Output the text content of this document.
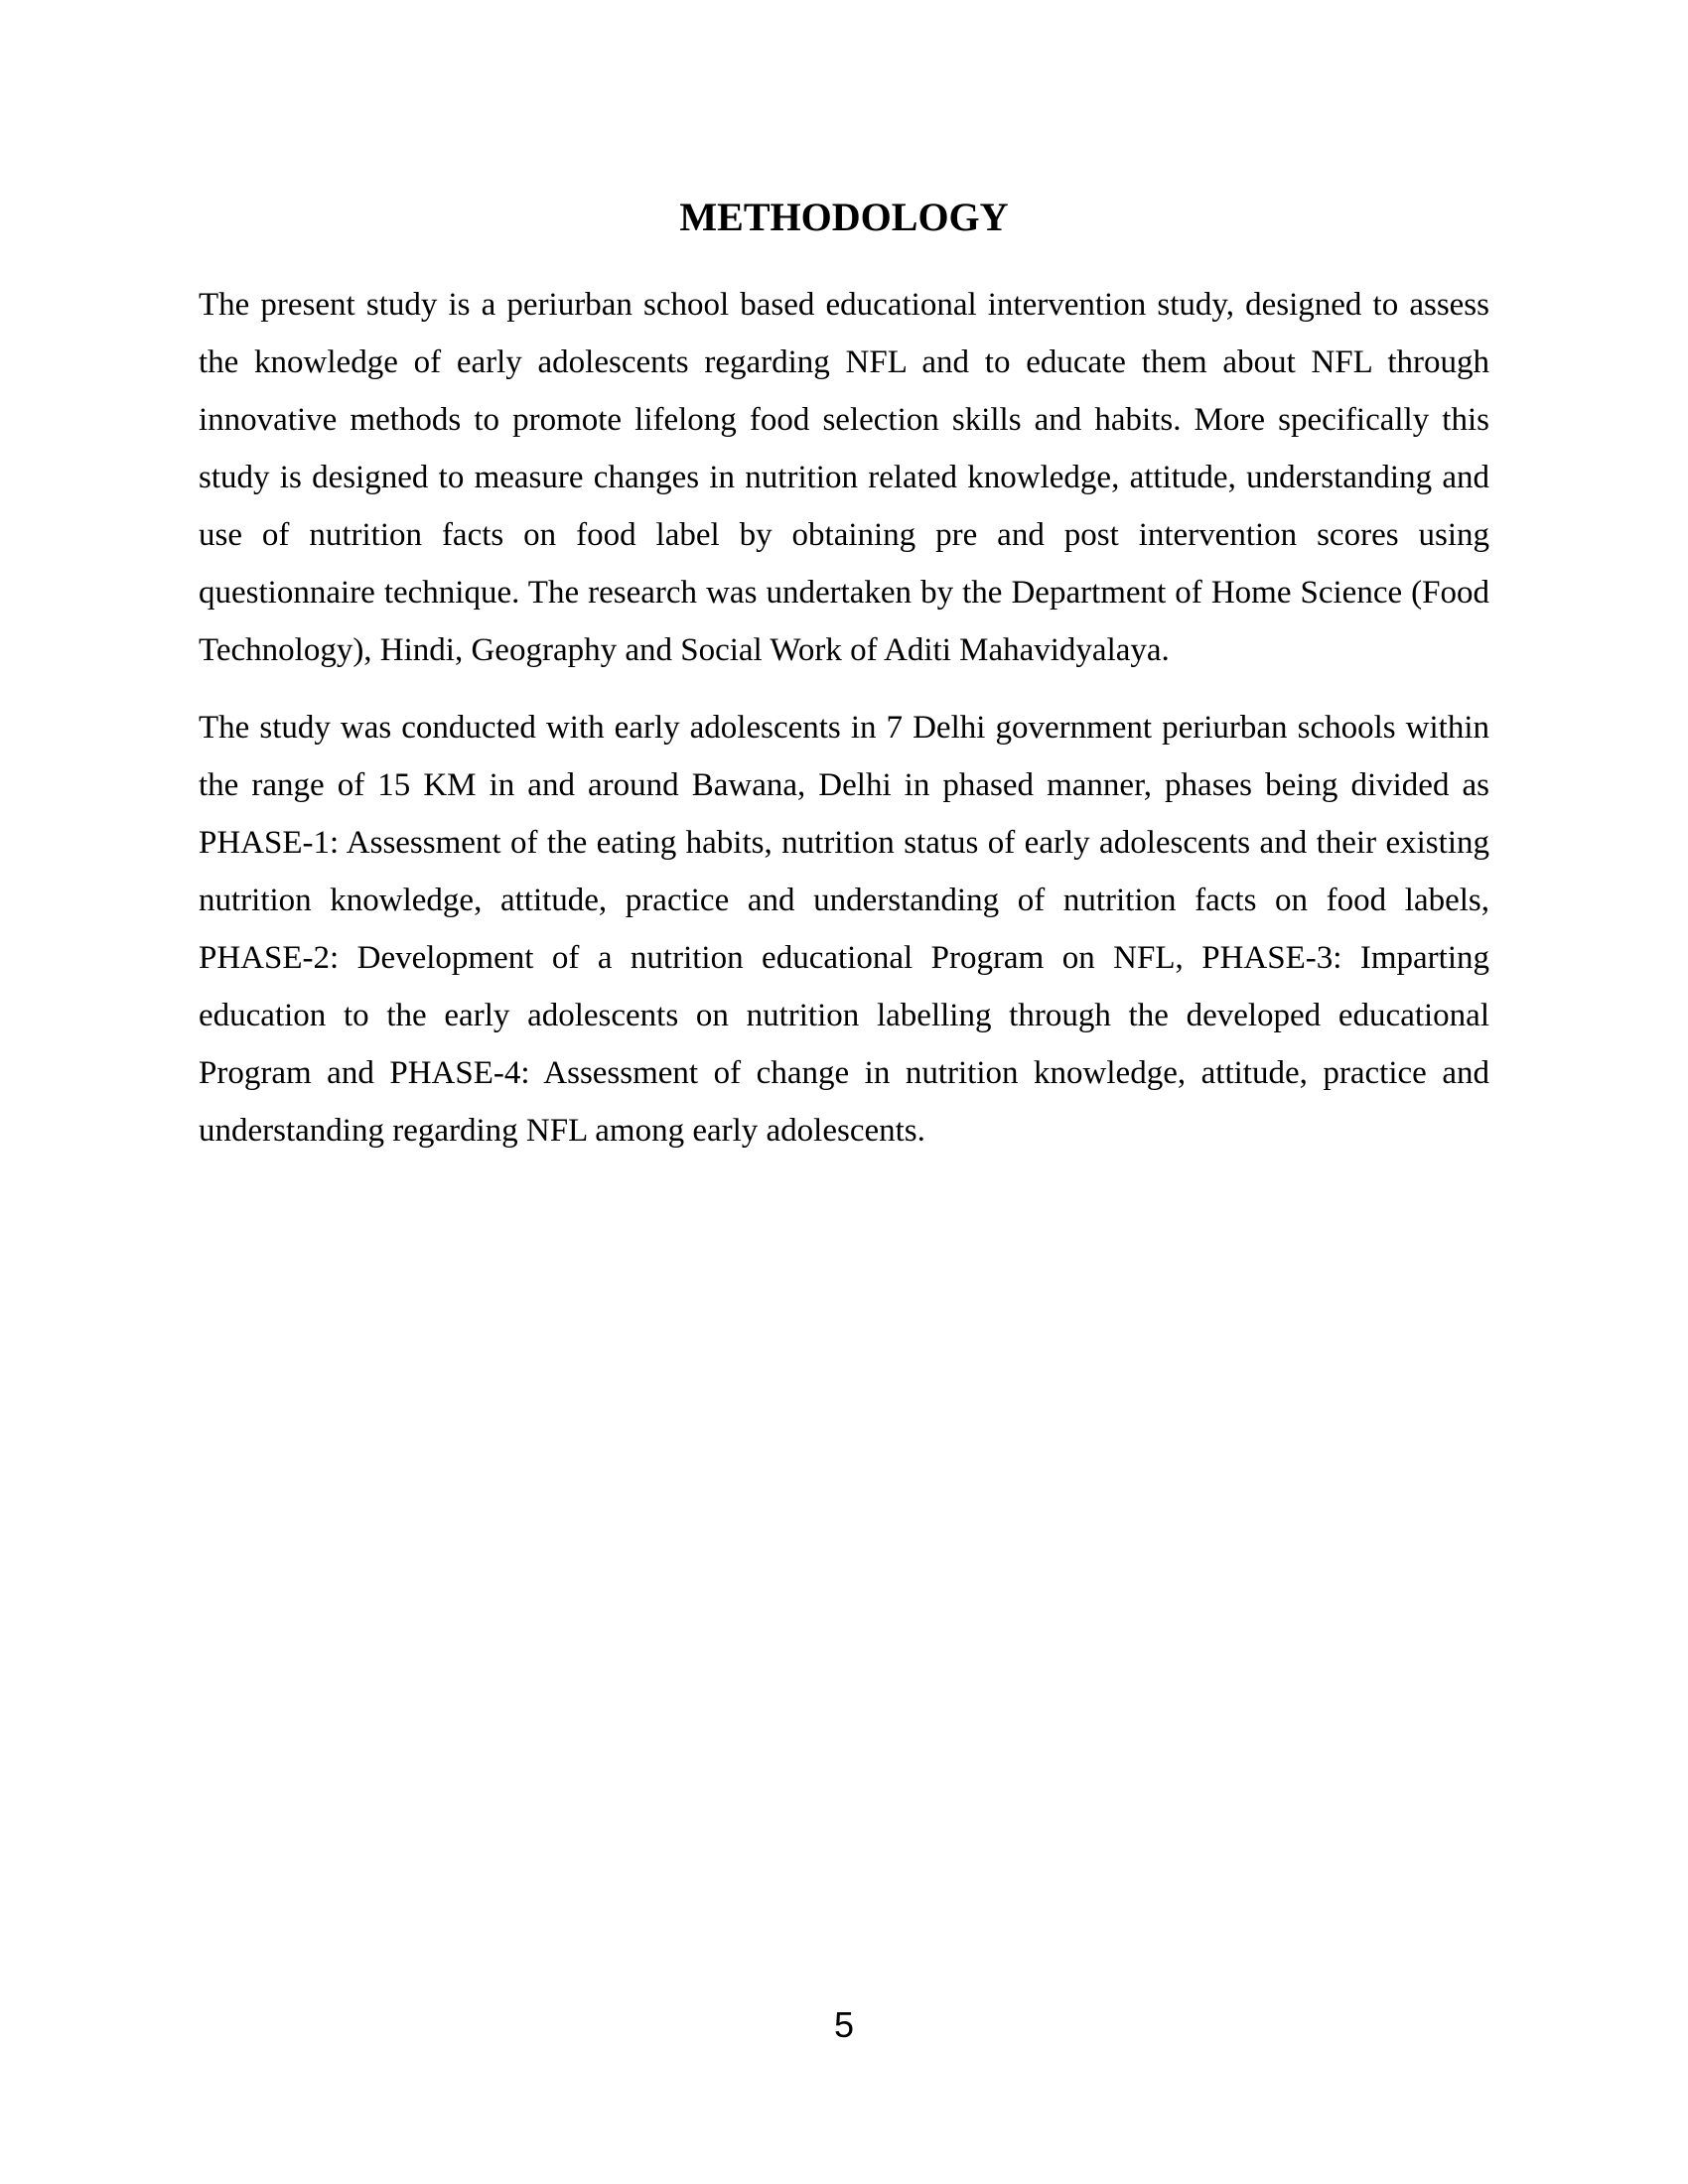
METHODOLOGY

The present study is a periurban school based educational intervention study, designed to assess the knowledge of early adolescents regarding NFL and to educate them about NFL through innovative methods to promote lifelong food selection skills and habits. More specifically this study is designed to measure changes in nutrition related knowledge, attitude, understanding and use of nutrition facts on food label by obtaining pre and post intervention scores using questionnaire technique. The research was undertaken by the Department of Home Science (Food Technology), Hindi, Geography and Social Work of Aditi Mahavidyalaya.

The study was conducted with early adolescents in 7 Delhi government periurban schools within the range of 15 KM in and around Bawana, Delhi in phased manner, phases being divided as PHASE-1: Assessment of the eating habits, nutrition status of early adolescents and their existing nutrition knowledge, attitude, practice and understanding of nutrition facts on food labels, PHASE-2: Development of a nutrition educational Program on NFL, PHASE-3: Imparting education to the early adolescents on nutrition labelling through the developed educational Program and PHASE-4: Assessment of change in nutrition knowledge, attitude, practice and understanding regarding NFL among early adolescents.

5
